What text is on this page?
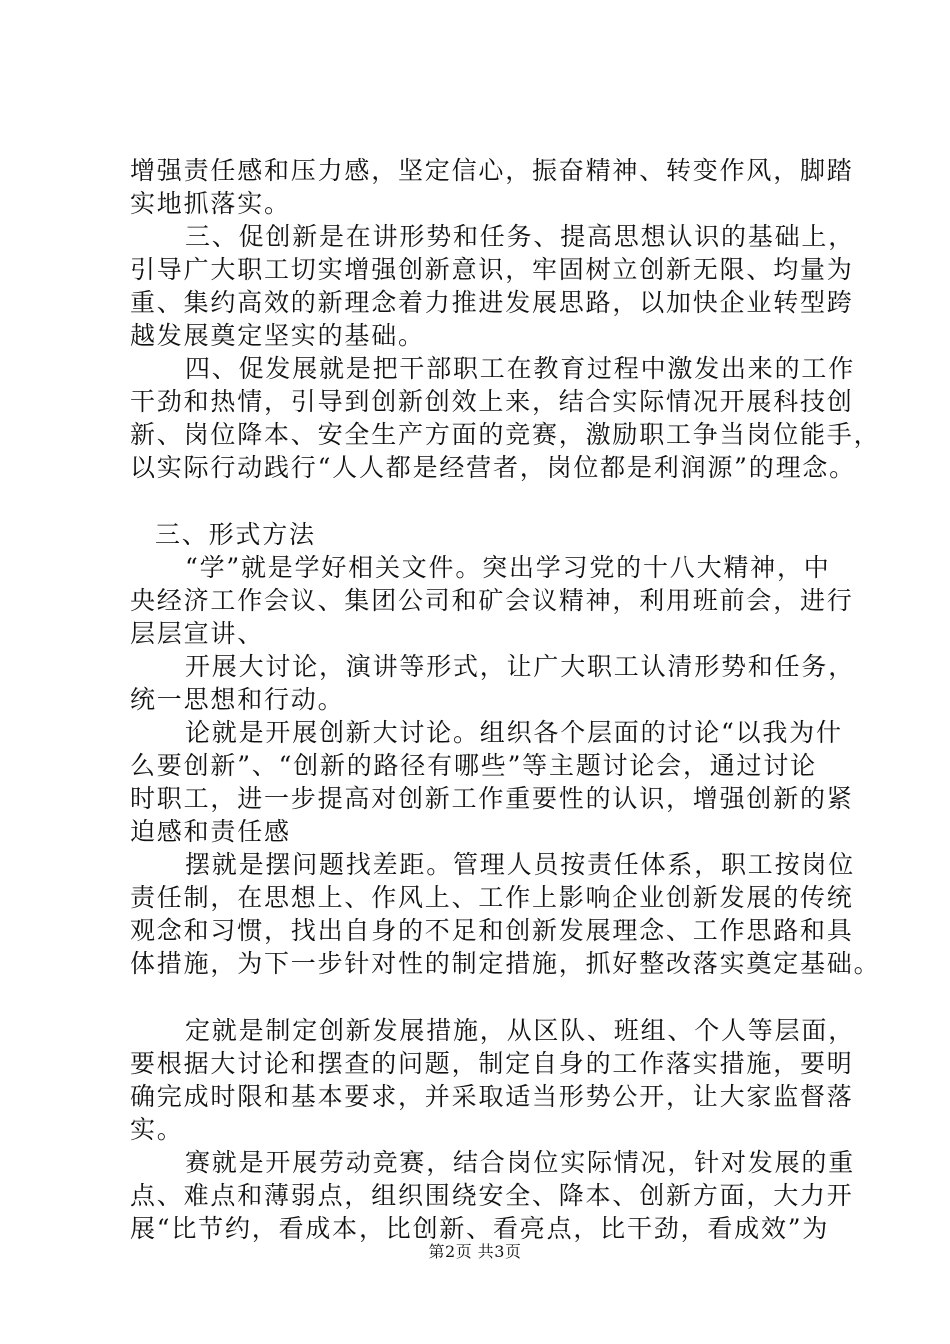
增强责任感和压力感，坚定信心，振奋精神、转变作风，脚踏
实地抓落实。
三、促创新是在讲形势和任务、提高思想认识的基础上，
引导广大职工切实增强创新意识，牢固树立创新无限、均量为
重、集约高效的新理念着力推进发展思路，以加快企业转型跨
越发展奠定坚实的基础。
四、促发展就是把干部职工在教育过程中激发出来的工作
干劲和热情，引导到创新创效上来，结合实际情况开展科技创
新、岗位降本、安全生产方面的竞赛，激励职工争当岗位能手，
以实际行动践行“人人都是经营者，岗位都是利润源”的理念。
三、形式方法
“学”就是学好相关文件。突出学习党的十八大精神，中
央经济工作会议、集团公司和矿会议精神，利用班前会，进行
层层宣讲、
开展大讨论，演讲等形式，让广大职工认清形势和任务，
统一思想和行动。
论就是开展创新大讨论。组织各个层面的讨论“以我为什
么要创新”、“创新的路径有哪些”等主题讨论会，通过讨论
时职工，进一步提高对创新工作重要性的认识，增强创新的紧
迫感和责任感
摆就是摆问题找差距。管理人员按责任体系，职工按岗位
责任制，在思想上、作风上、工作上影响企业创新发展的传统
观念和习惯，找出自身的不足和创新发展理念、工作思路和具
体措施，为下一步针对性的制定措施，抓好整改落实奠定基础。
定就是制定创新发展措施，从区队、班组、个人等层面，
要根据大讨论和摆查的问题，制定自身的工作落实措施，要明
确完成时限和基本要求，并采取适当形势公开，让大家监督落
实。
赛就是开展劳动竞赛，结合岗位实际情况，针对发展的重
点、难点和薄弱点，组织围绕安全、降本、创新方面，大力开
展“比节约，看成本，比创新、看亮点，比干劲，看成效”为
第2页 共3页
